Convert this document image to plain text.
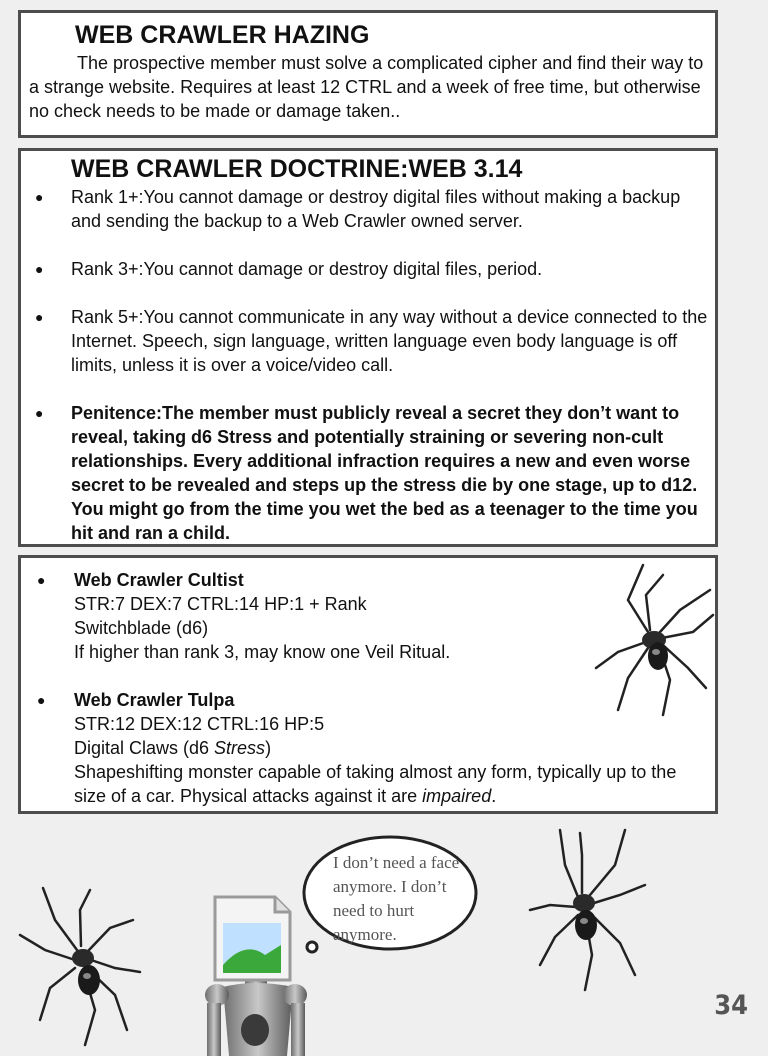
WEB CRAWLER HAZING

The prospective member must solve a complicated cipher and find their way to a strange website. Requires at least 12 CTRL and a week of free time, but otherwise no check needs to be made or damage taken..

WEB CRAWLER DOCTRINE:WEB 3.14
● Rank 1+:You cannot damage or destroy digital files without making a backup and sending the backup to a Web Crawler owned server.

● Rank 3+:You cannot damage or destroy digital files, period.

● Rank 5+:You cannot communicate in any way without a device connected to the Internet. Speech, sign language, written language even body language is off limits, unless it is over a voice/video call.

● Penitence:The member must publicly reveal a secret they don’t want to reveal, taking d6 Stress and potentially straining or severing non-cult relationships. Every additional infraction requires a new and even worse secret to be revealed and steps up the stress die by one stage, up to d12. You might go from the time you wet the bed as a teenager to the time you hit and ran a child.

● Web Crawler Cultist
STR:7 DEX:7 CTRL:14 HP:1 + Rank
Switchblade (d6)
If higher than rank 3, may know one Veil Ritual.
● Web Crawler Tulpa
STR:12 DEX:12 CTRL:16 HP:5
Digital Claws (d6 Stress)
Shapeshifting monster capable of taking almost any form, typically up to the size of a car. Physical attacks against it are impaired.
I don’t need a face anymore. I don’t need to hurt anymore.
34
